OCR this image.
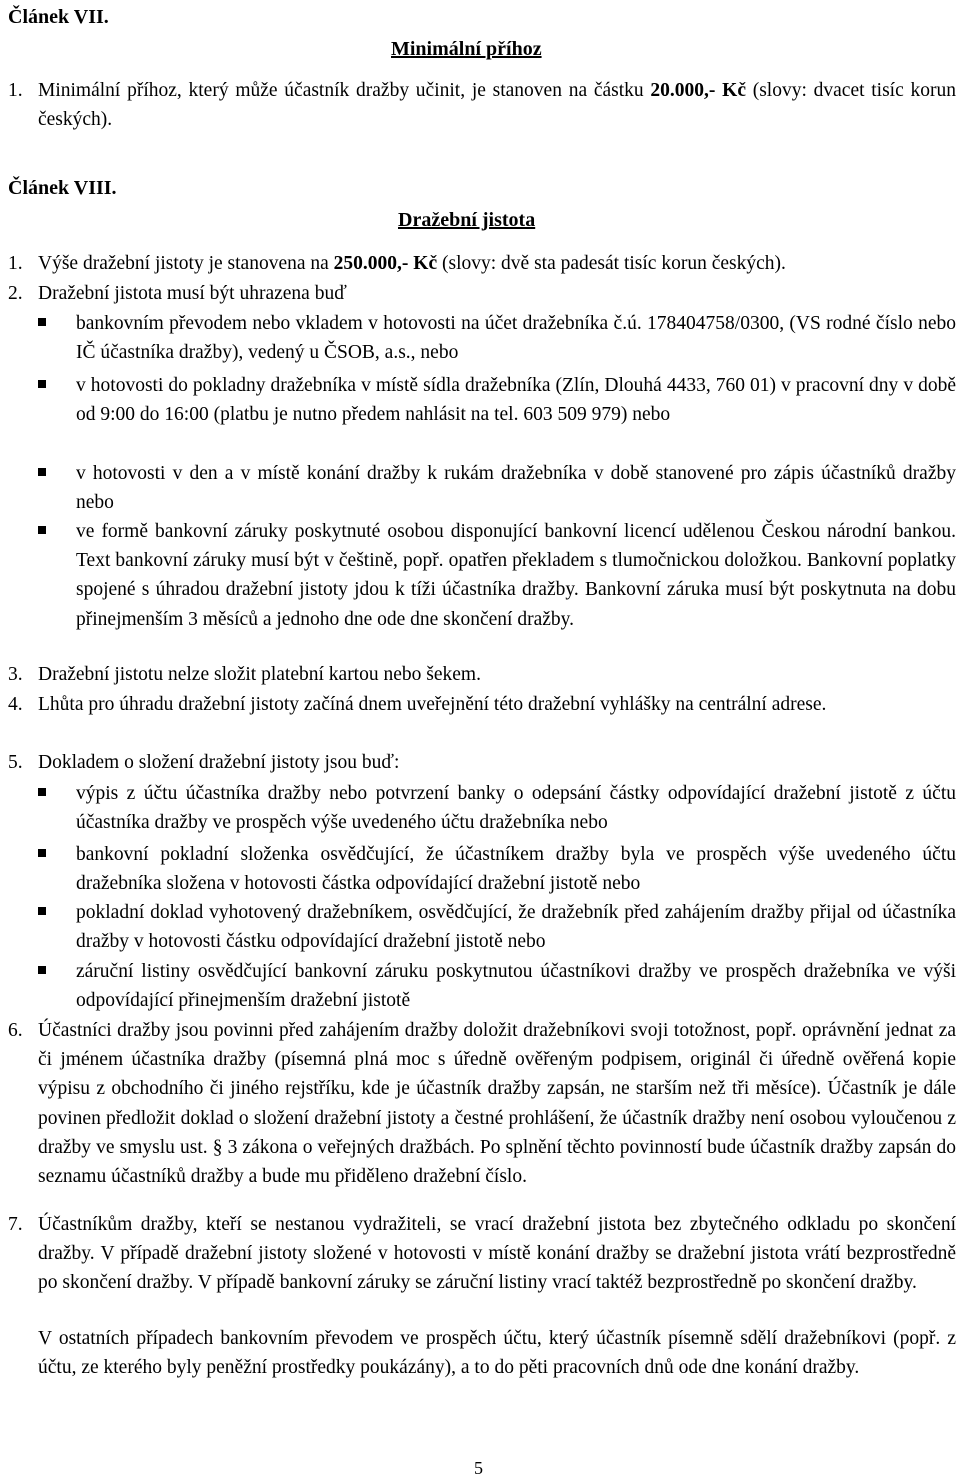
Článek VII.
Minimální příhoz
1. Minimální příhoz, který může účastník dražby učinit, je stanoven na částku 20.000,- Kč (slovy: dvacet tisíc korun českých).
Článek VIII.
Dražební jistota
1. Výše dražební jistoty je stanovena na 250.000,- Kč (slovy: dvě sta padesát tisíc korun českých).
2. Dražební jistota musí být uhrazena buď
bankovním převodem nebo vkladem v hotovosti na účet dražebníka č.ú. 178404758/0300, (VS rodné číslo nebo IČ účastníka dražby), vedený u ČSOB, a.s., nebo
v hotovosti do pokladny dražebníka v místě sídla dražebníka (Zlín, Dlouhá 4433, 760 01) v pracovní dny v době od 9:00 do 16:00 (platbu je nutno předem nahlásit na tel. 603 509 979) nebo
v hotovosti v den a v místě konání dražby k rukám dražebníka v době stanovené pro zápis účastníků dražby nebo
ve formě bankovní záruky poskytnuté osobou disponující bankovní licencí udělenou Českou národní bankou. Text bankovní záruky musí být v češtině, popř. opatřen překladem s tlumočnickou doložkou. Bankovní poplatky spojené s úhradou dražební jistoty jdou k tíži účastníka dražby. Bankovní záruka musí být poskytnuta na dobu přinejmenším 3 měsíců a jednoho dne ode dne skončení dražby.
3. Dražební jistotu nelze složit platební kartou nebo šekem.
4. Lhůta pro úhradu dražební jistoty začíná dnem uveřejnění této dražební vyhlášky na centrální adrese.
5. Dokladem o složení dražební jistoty jsou buď:
výpis z účtu účastníka dražby nebo potvrzení banky o odepsání částky odpovídající dražební jistotě z účtu účastníka dražby ve prospěch výše uvedeného účtu dražebníka nebo
bankovní pokladní složenka osvědčující, že účastníkem dražby byla ve prospěch výše uvedeného účtu dražebníka složena v hotovosti částka odpovídající dražební jistotě nebo
pokladní doklad vyhotovený dražebníkem, osvědčující, že dražebník před zahájením dražby přijal od účastníka dražby v hotovosti částku odpovídající dražební jistotě nebo
záruční listiny osvědčující bankovní záruku poskytnutou účastníkovi dražby ve prospěch dražebníka ve výši odpovídající přinejmenším dražební jistotě
6. Účastníci dražby jsou povinni před zahájením dražby doložit dražebníkovi svoji totožnost, popř. oprávnění jednat za či jménem účastníka dražby (písemná plná moc s úředně ověřeným podpisem, originál či úředně ověřená kopie výpisu z obchodního či jiného rejstříku, kde je účastník dražby zapsán, ne starším než tři měsíce). Účastník je dále povinen předložit doklad o složení dražební jistoty a čestné prohlášení, že účastník dražby není osobou vyloučenou z dražby ve smyslu ust. § 3 zákona o veřejných dražbách. Po splnění těchto povinností bude účastník dražby zapsán do seznamu účastníků dražby a bude mu přiděleno dražební číslo.
7. Účastníkům dražby, kteří se nestanou vydražiteli, se vrací dražební jistota bez zbytečného odkladu po skončení dražby. V případě dražební jistoty složené v hotovosti v místě konání dražby se dražební jistota vrátí bezprostředně po skončení dražby. V případě bankovní záruky se záruční listiny vrací taktéž bezprostředně po skončení dražby.
V ostatních případech bankovním převodem ve prospěch účtu, který účastník písemně sdělí dražebníkovi (popř. z účtu, ze kterého byly peněžní prostředky poukázány), a to do pěti pracovních dnů ode dne konání dražby.
5
